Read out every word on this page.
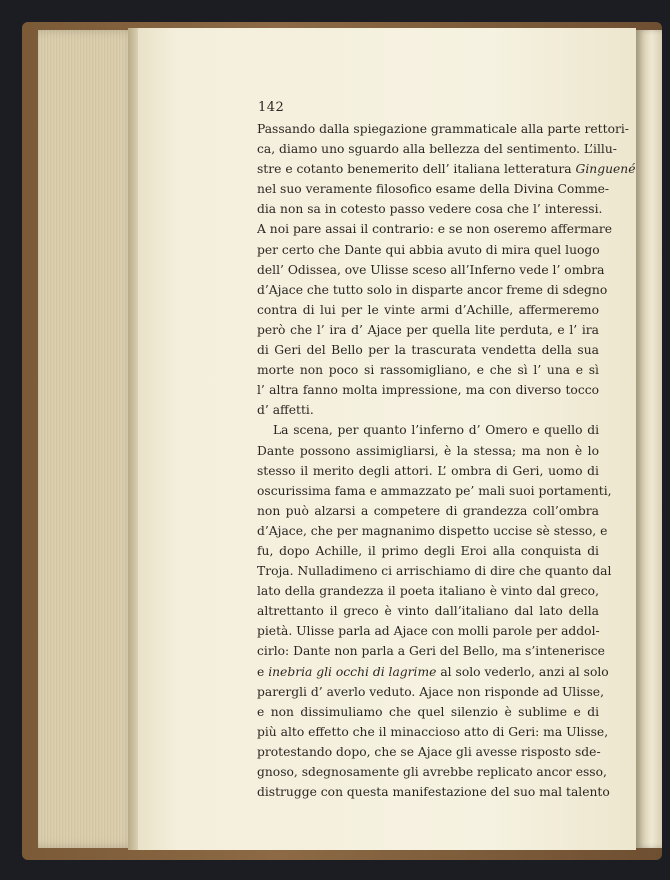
142
Passando dalla spiegazione grammaticale alla parte rettori-
ca, diamo uno sguardo alla bellezza del sentimento. L’illu-
stre e cotanto benemerito dell’ italiana letteratura Ginguené
nel suo veramente filosofico esame della Divina Comme-
dia non sa in cotesto passo vedere cosa che l’ interessi.
A noi pare assai il contrario: e se non oseremo affermare
per certo che Dante qui abbia avuto di mira quel luogo
dell’ Odissea, ove Ulisse sceso all’Inferno vede l’ ombra
d’Ajace che tutto solo in disparte ancor freme di sdegno
contra di lui per le vinte armi d’Achille, affermeremo
però che l’ ira d’ Ajace per quella lite perduta, e l’ ira
di Geri del Bello per la trascurata vendetta della sua
morte non poco si rassomigliano, e che sì l’ una e sì
l’ altra fanno molta impressione, ma con diverso tocco
d’ affetti.
La scena, per quanto l’inferno d’ Omero e quello di
Dante possono assimigliarsi, è la stessa; ma non è lo
stesso il merito degli attori. L’ ombra di Geri, uomo di
oscurissima fama e ammazzato pe’ mali suoi portamenti,
non può alzarsi a competere di grandezza coll’ombra
d’Ajace, che per magnanimo dispetto uccise sè stesso, e
fu, dopo Achille, il primo degli Eroi alla conquista di
Troja. Nulladimeno ci arrischiamo di dire che quanto dal
lato della grandezza il poeta italiano è vinto dal greco,
altrettanto il greco è vinto dall’italiano dal lato della
pietà. Ulisse parla ad Ajace con molli parole per addol-
cirlo: Dante non parla a Geri del Bello, ma s’intenerisce
e inebria gli occhi di lagrime al solo vederlo, anzi al solo
parergli d’ averlo veduto. Ajace non risponde ad Ulisse,
e non dissimuliamo che quel silenzio è sublime e di
più alto effetto che il minaccioso atto di Geri: ma Ulisse,
protestando dopo, che se Ajace gli avesse risposto sde-
gnoso, sdegnosamente gli avrebbe replicato ancor esso,
distrugge con questa manifestazione del suo mal talento
